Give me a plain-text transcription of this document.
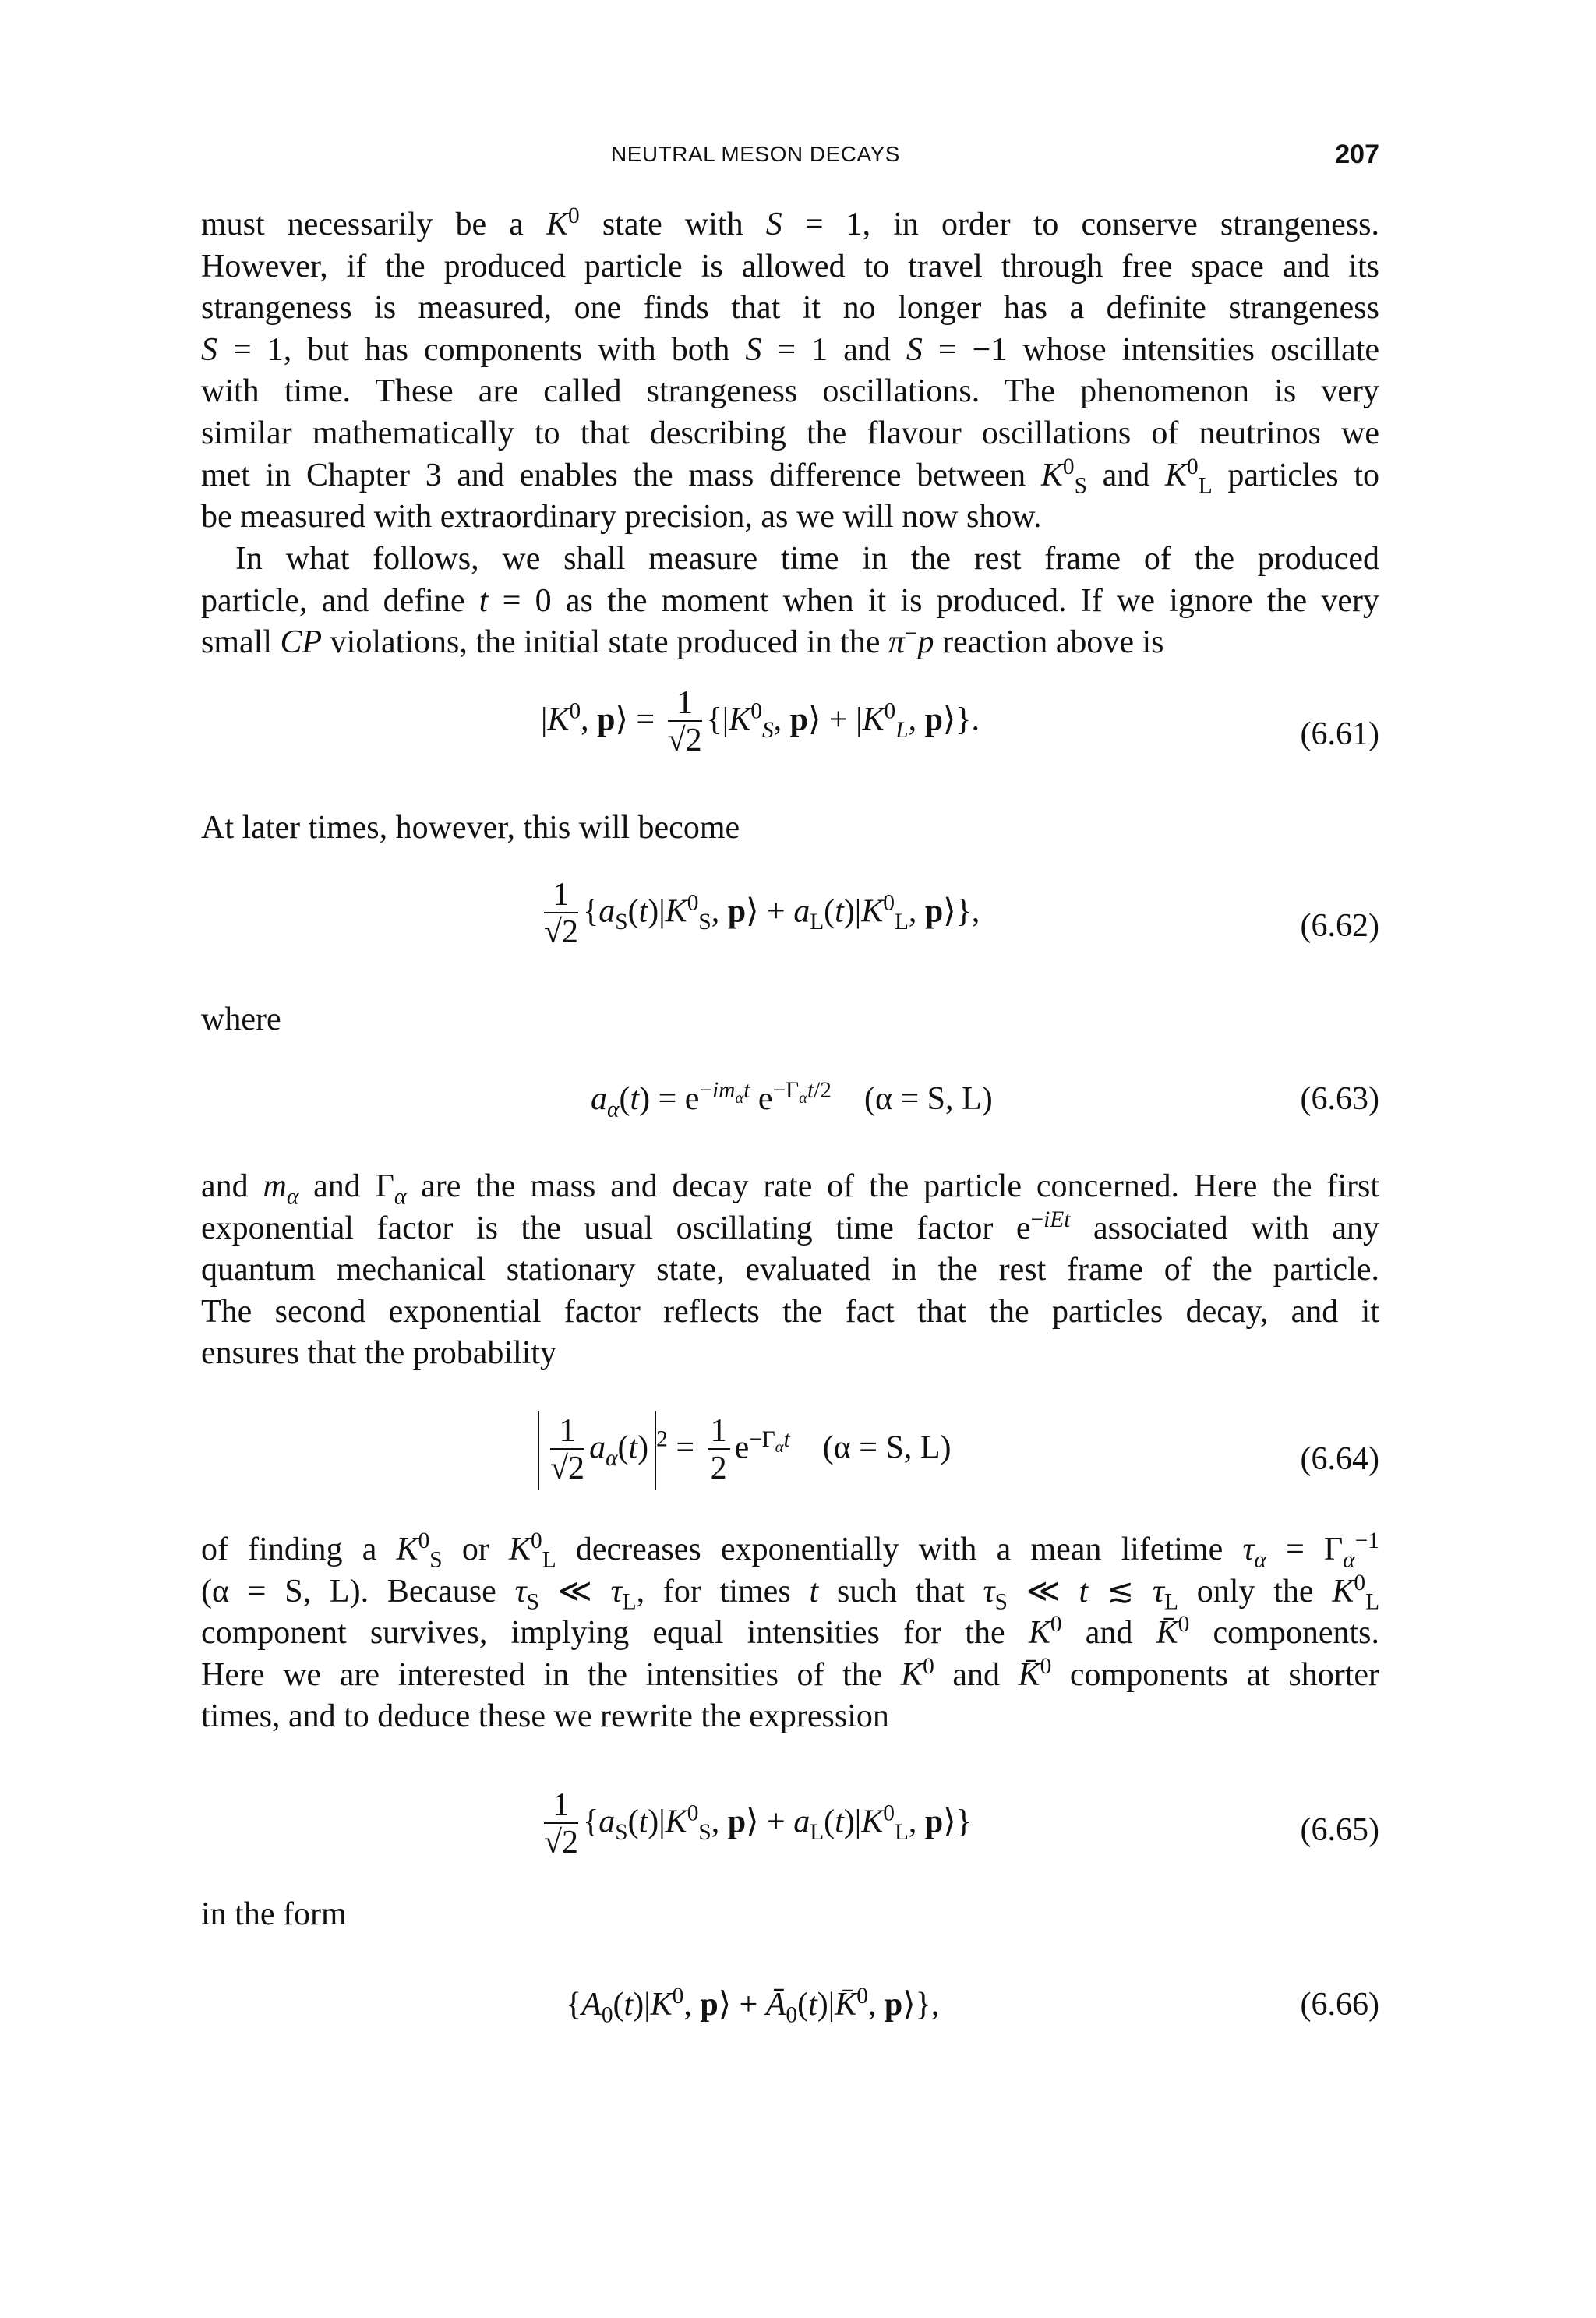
NEUTRAL MESON DECAYS	207
must necessarily be a $K^0$ state with S = 1, in order to conserve strangeness.
However, if the produced particle is allowed to travel through free space and its
strangeness is measured, one finds that it no longer has a definite strangeness
S = 1, but has components with both S = 1 and S = −1 whose intensities oscillate
with time. These are called strangeness oscillations. The phenomenon is very
similar mathematically to that describing the flavour oscillations of neutrinos we
met in Chapter 3 and enables the mass difference between $K^0_S$ and $K^0_L$ particles to
be measured with extraordinary precision, as we will now show.
In what follows, we shall measure time in the rest frame of the produced
particle, and define t = 0 as the moment when it is produced. If we ignore the very
small CP violations, the initial state produced in the π−p reaction above is
$|K^0$, p⟩ = $\frac{1}{√2} \{|K^0_S$, p⟩ + $|K^0_L$, p⟩}.	(6.61)
At later times, however, this will become
$\frac{1}{√2} \{a_S(t)|K^0_S$, p⟩ + $a_L(t)|K^0_L$, p⟩},	(6.62)
where
$a_\alpha(t) = e^{-im_\alpha t}$ $e^{-\Gamma_\alpha t/2}$    (α = S, L)	(6.63)
and $m_\alpha$ and $\Gamma_\alpha$ are the mass and decay rate of the particle concerned. Here the first
exponential factor is the usual oscillating time factor $e^{-iEt}$ associated with any
quantum mechanical stationary state, evaluated in the rest frame of the particle.
The second exponential factor reflects the fact that the particles decay, and it
ensures that the probability
$\frac{1}{√2} a_\alpha(t) ^2 = \frac{1}{2} e^{-\Gamma_\alpha t}$    (α = S, L)	(6.64)
of finding a $K^0_S$ or $K^0_L$ decreases exponentially with a mean lifetime $\tau_\alpha = \Gamma_\alpha^{-1}$
(α = S, L). Because $\tau_S$ ≪ $\tau_L$, for times t such that $\tau_S$ ≪ t ≲ $\tau_L$ only the $K^0_L$
component survives, implying equal intensities for the $K^0$ and K̄$^0$ components.
Here we are interested in the intensities of the $K^0$ and K̄$^0$ components at shorter
times, and to deduce these we rewrite the expression
$\frac{1}{√2} \{a_S(t)|K^0_S$, p⟩ + $a_L(t)|K^0_L$, p⟩}	(6.65)
in the form
{$A_0(t)|K^0$, p⟩ + $Ā_0(t)|K̄^0$, p⟩},	(6.66)
